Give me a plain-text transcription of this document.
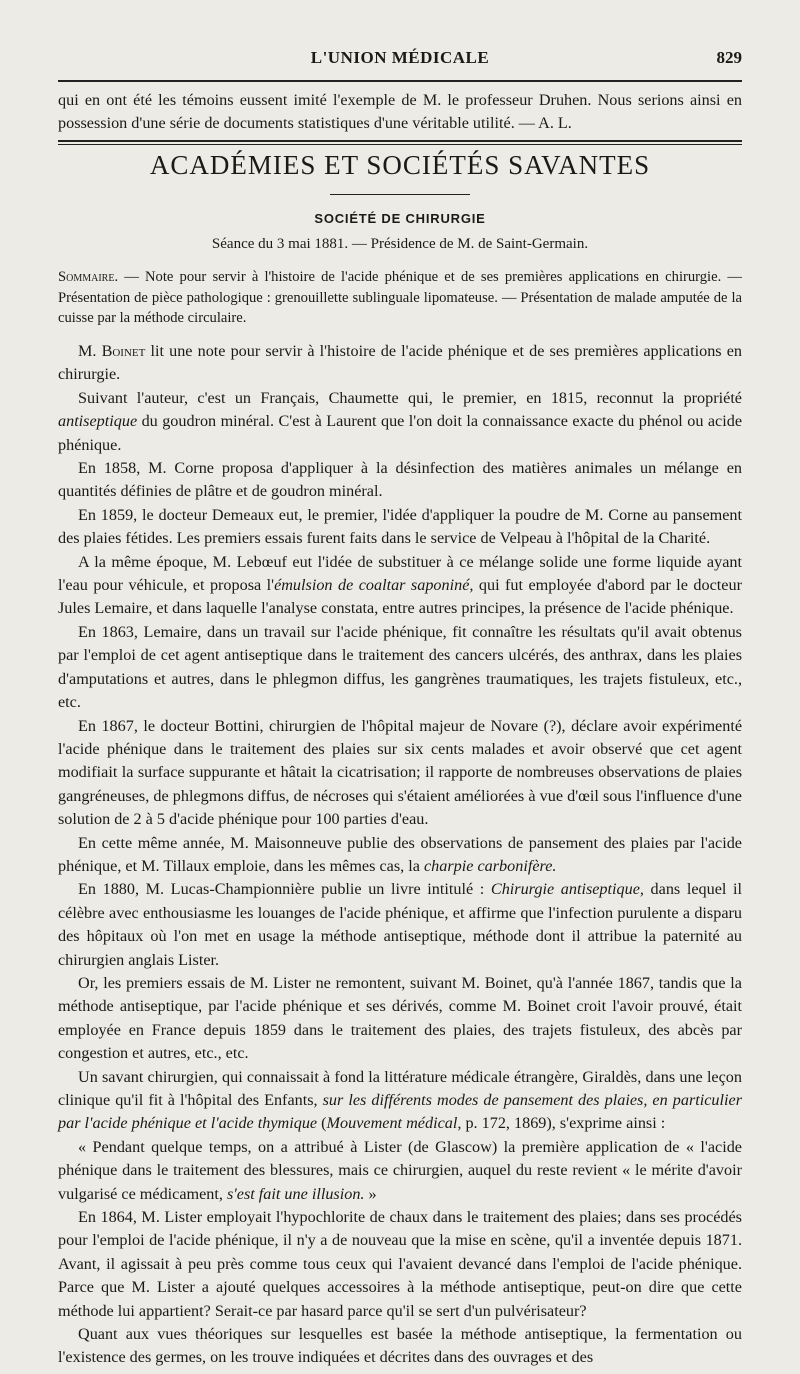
L'UNION MÉDICALE	829

qui en ont été les témoins eussent imité l'exemple de M. le professeur Druhen. Nous serions ainsi en possession d'une série de documents statistiques d'une véritable utilité. — A. L.

ACADÉMIES ET SOCIÉTÉS SAVANTES
SOCIÉTÉ DE CHIRURGIE
Séance du 3 mai 1881. — Présidence de M. de Saint-Germain.
Sommaire. — Note pour servir à l'histoire de l'acide phénique et de ses premières applications en chirurgie. — Présentation de pièce pathologique : grenouillette sublinguale lipomateuse. — Présentation de malade amputée de la cuisse par la méthode circulaire.

M. Boinet lit une note pour servir à l'histoire de l'acide phénique et de ses premières applications en chirurgie.

Suivant l'auteur, c'est un Français, Chaumette qui, le premier, en 1815, reconnut la propriété antiseptique du goudron minéral. C'est à Laurent que l'on doit la connaissance exacte du phénol ou acide phénique.

En 1858, M. Corne proposa d'appliquer à la désinfection des matières animales un mélange en quantités définies de plâtre et de goudron minéral.

En 1859, le docteur Demeaux eut, le premier, l'idée d'appliquer la poudre de M. Corne au pansement des plaies fétides. Les premiers essais furent faits dans le service de Velpeau à l'hôpital de la Charité.

A la même époque, M. Lebœuf eut l'idée de substituer à ce mélange solide une forme liquide ayant l'eau pour véhicule, et proposa l'émulsion de coaltar saponiné, qui fut employée d'abord par le docteur Jules Lemaire, et dans laquelle l'analyse constata, entre autres principes, la présence de l'acide phénique.

En 1863, Lemaire, dans un travail sur l'acide phénique, fit connaître les résultats qu'il avait obtenus par l'emploi de cet agent antiseptique dans le traitement des cancers ulcérés, des anthrax, dans les plaies d'amputations et autres, dans le phlegmon diffus, les gangrènes traumatiques, les trajets fistuleux, etc., etc.

En 1867, le docteur Bottini, chirurgien de l'hôpital majeur de Novare (?), déclare avoir expérimenté l'acide phénique dans le traitement des plaies sur six cents malades et avoir observé que cet agent modifiait la surface suppurante et hâtait la cicatrisation; il rapporte de nombreuses observations de plaies gangréneuses, de phlegmons diffus, de nécroses qui s'étaient améliorées à vue d'œil sous l'influence d'une solution de 2 à 5 d'acide phénique pour 100 parties d'eau.

En cette même année, M. Maisonneuve publie des observations de pansement des plaies par l'acide phénique, et M. Tillaux emploie, dans les mêmes cas, la charpie carbonifère.

En 1880, M. Lucas-Championnière publie un livre intitulé : Chirurgie antiseptique, dans lequel il célèbre avec enthousiasme les louanges de l'acide phénique, et affirme que l'infection purulente a disparu des hôpitaux où l'on met en usage la méthode antiseptique, méthode dont il attribue la paternité au chirurgien anglais Lister.

Or, les premiers essais de M. Lister ne remontent, suivant M. Boinet, qu'à l'année 1867, tandis que la méthode antiseptique, par l'acide phénique et ses dérivés, comme M. Boinet croit l'avoir prouvé, était employée en France depuis 1859 dans le traitement des plaies, des trajets fistuleux, des abcès par congestion et autres, etc., etc.

Un savant chirurgien, qui connaissait à fond la littérature médicale étrangère, Giraldès, dans une leçon clinique qu'il fit à l'hôpital des Enfants, sur les différents modes de pansement des plaies, en particulier par l'acide phénique et l'acide thymique (Mouvement médical, p. 172, 1869), s'exprime ainsi :

« Pendant quelque temps, on a attribué à Lister (de Glascow) la première application de « l'acide phénique dans le traitement des blessures, mais ce chirurgien, auquel du reste revient « le mérite d'avoir vulgarisé ce médicament, s'est fait une illusion. »

En 1864, M. Lister employait l'hypochlorite de chaux dans le traitement des plaies; dans ses procédés pour l'emploi de l'acide phénique, il n'y a de nouveau que la mise en scène, qu'il a inventée depuis 1871. Avant, il agissait à peu près comme tous ceux qui l'avaient devancé dans l'emploi de l'acide phénique. Parce que M. Lister a ajouté quelques accessoires à la méthode antiseptique, peut-on dire que cette méthode lui appartient? Serait-ce par hasard parce qu'il se sert d'un pulvérisateur?

Quant aux vues théoriques sur lesquelles est basée la méthode antiseptique, la fermentation ou l'existence des germes, on les trouve indiquées et décrites dans des ouvrages et des
